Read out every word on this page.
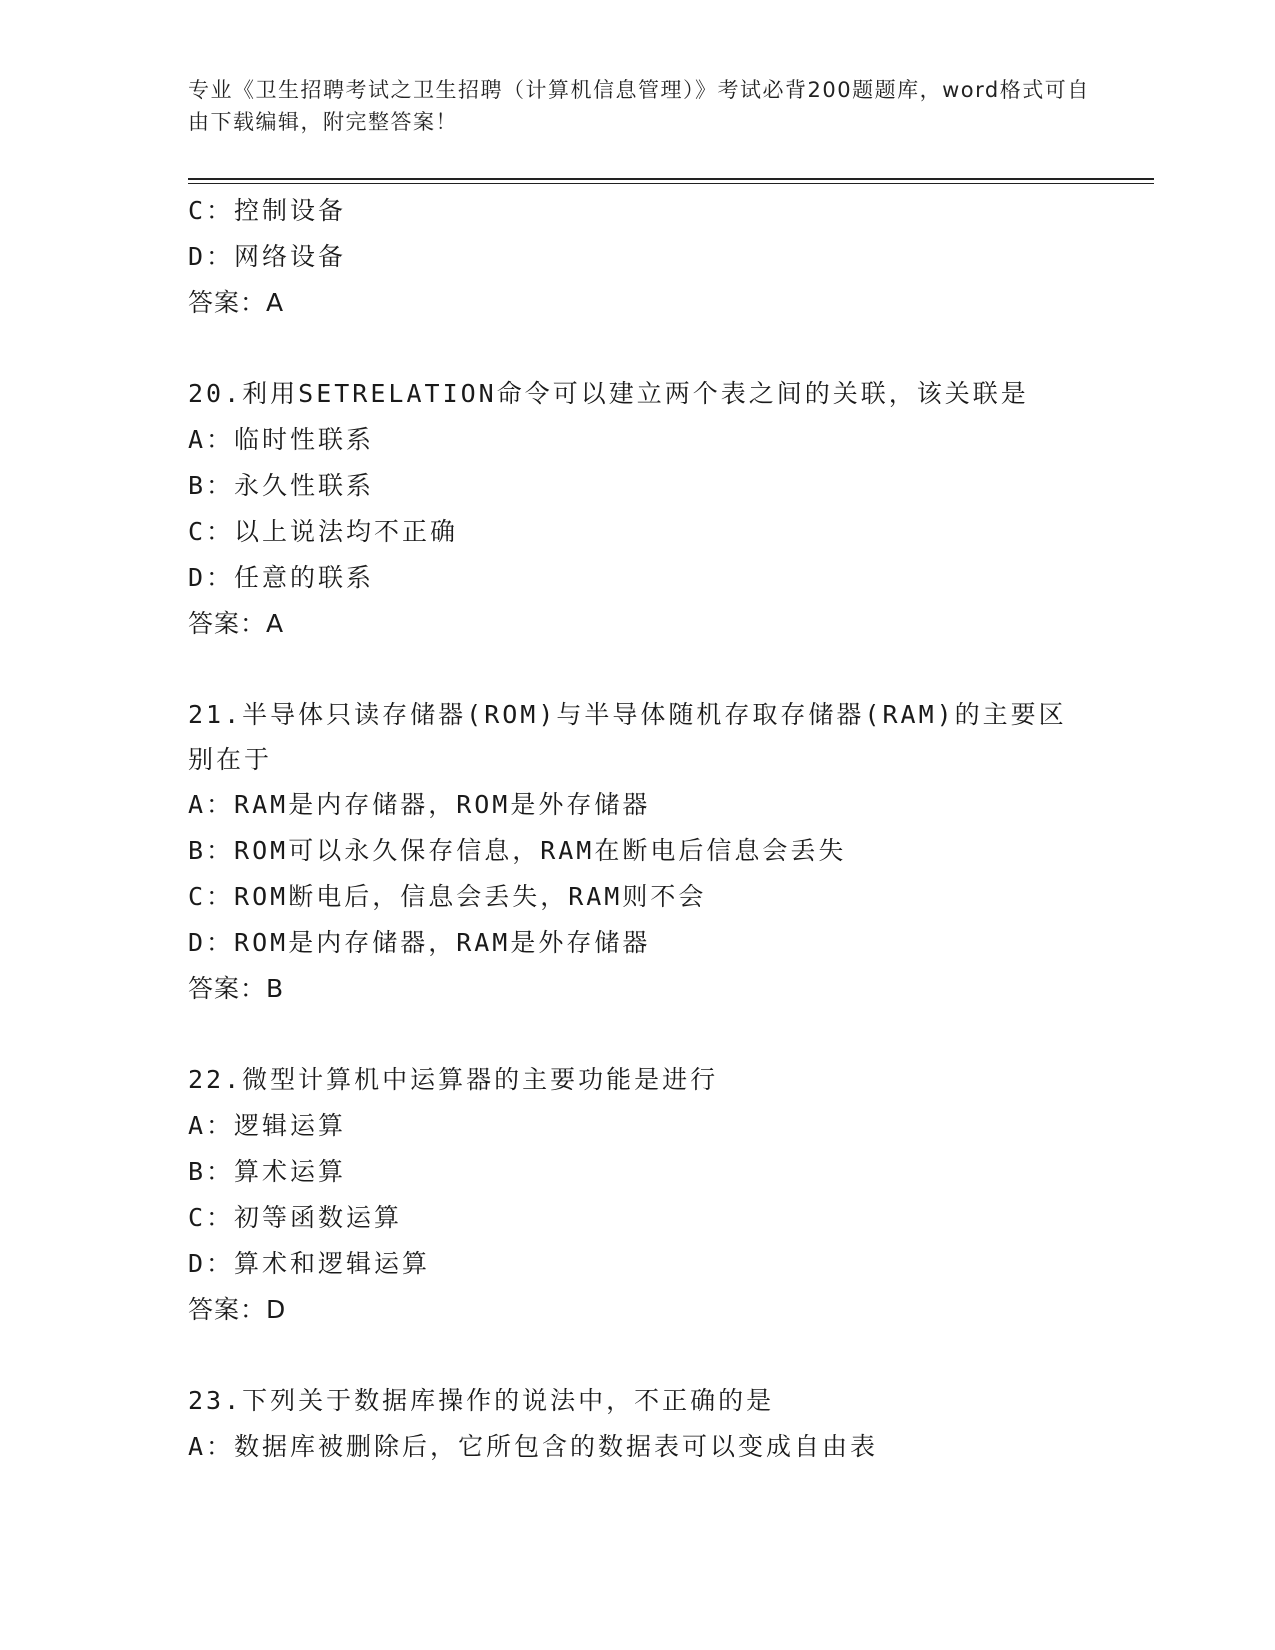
专业《卫生招聘考试之卫生招聘（计算机信息管理）》考试必背200题题库，word格式可自由下载编辑，附完整答案！
C：控制设备
D：网络设备
答案：A
20.利用SETRELATION命令可以建立两个表之间的关联，该关联是
A：临时性联系
B：永久性联系
C：以上说法均不正确
D：任意的联系
答案：A
21.半导体只读存储器(ROM)与半导体随机存取存储器(RAM)的主要区别在于
A：RAM是内存储器，ROM是外存储器
B：ROM可以永久保存信息，RAM在断电后信息会丢失
C：ROM断电后，信息会丢失，RAM则不会
D：ROM是内存储器，RAM是外存储器
答案：B
22.微型计算机中运算器的主要功能是进行
A：逻辑运算
B：算术运算
C：初等函数运算
D：算术和逻辑运算
答案：D
23.下列关于数据库操作的说法中，不正确的是
A：数据库被删除后，它所包含的数据表可以变成自由表
